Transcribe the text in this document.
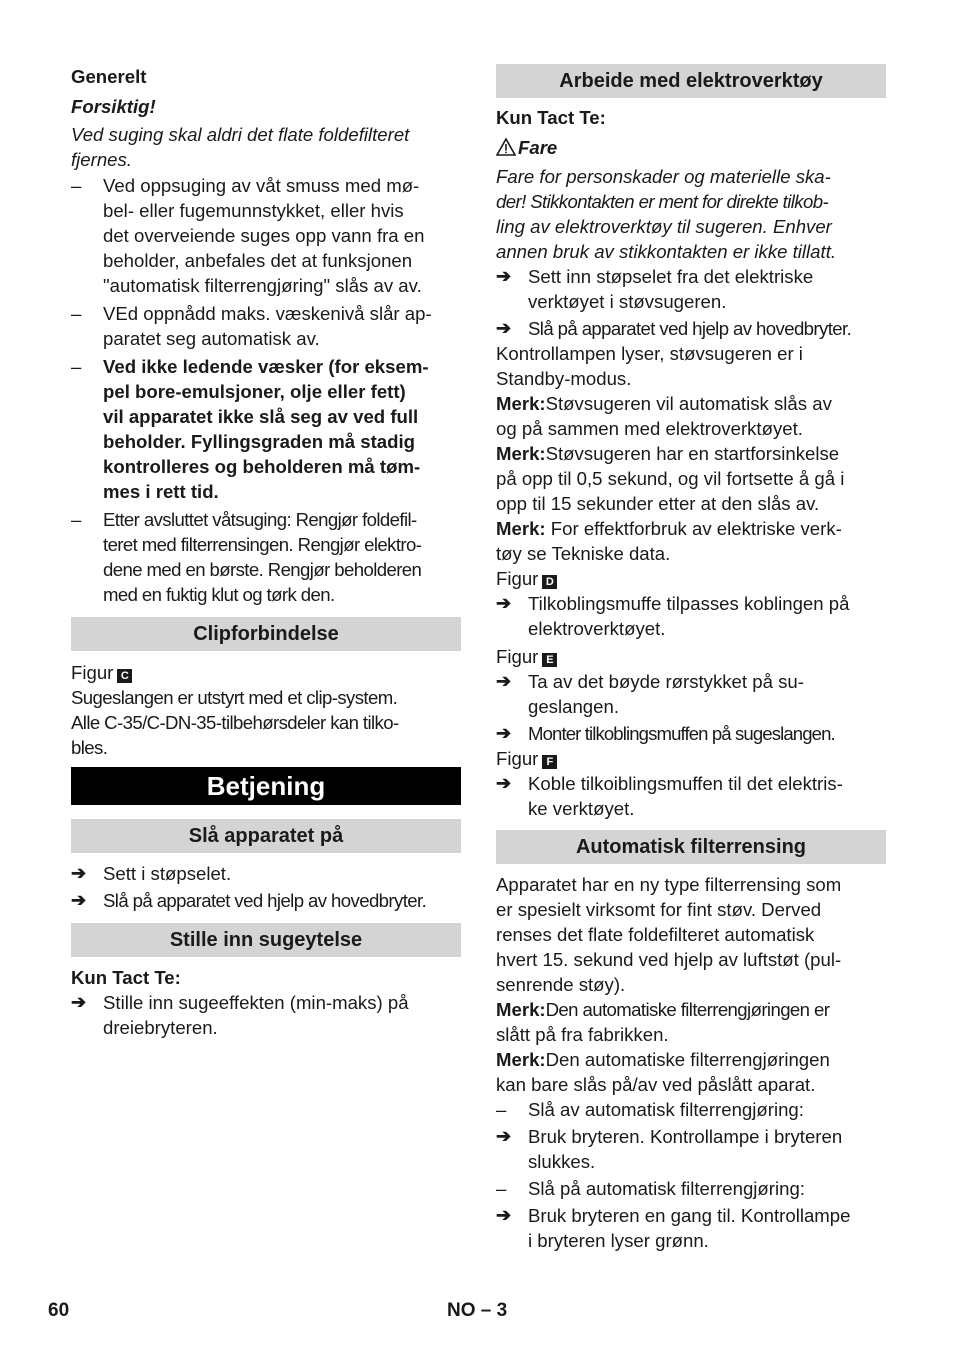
Generelt

Forsiktig!

Ved suging skal aldri det flate foldefilteret
fjernes.

–	Ved oppsuging av våt smuss med mø-
bel- eller fugemunnstykket, eller hvis
det overveiende suges opp vann fra en
beholder, anbefales det at funksjonen
"automatisk filterrengjøring" slås av av.
–	VEd oppnådd maks. væskenivå slår ap-
paratet seg automatisk av.
–	Ved ikke ledende væsker (for eksem-
pel bore-emulsjoner, olje eller fett)
vil apparatet ikke slå seg av ved full
beholder. Fyllingsgraden må stadig
kontrolleres og beholderen må tøm-
mes i rett tid.
–	Etter avsluttet våtsuging: Rengjør foldefil-
teret med filterrensingen. Rengjør elektro-
dene med en børste. Rengjør beholderen
med en fuktig klut og tørk den.
Clipforbindelse

Figur C

Sugeslangen er utstyrt med et clip-system.
Alle C-35/C-DN-35-tilbehørsdeler kan tilko-
bles.

Betjening
Slå apparatet på
➔ Sett i støpselet.
➔ Slå på apparatet ved hjelp av hovedbryter.
Stille inn sugeytelse

Kun Tact Te:

➔ Stille inn sugeeffekten (min-maks) på
dreiebryteren.
Arbeide med elektroverktøy

Kun Tact Te:

Fare

Fare for personskader og materielle ska-
der! Stikkontakten er ment for direkte tilkob-
ling av elektroverktøy til sugeren. Enhver
annen bruk av stikkontakten er ikke tillatt.

➔ Sett inn støpselet fra det elektriske
verktøyet i støvsugeren.
➔ Slå på apparatet ved hjelp av hovedbryter.

Kontrollampen lyser, støvsugeren er i
Standby-modus.

Merk:Støvsugeren vil automatisk slås av
og på sammen med elektroverktøyet.

Merk:Støvsugeren har en startforsinkelse
på opp til 0,5 sekund, og vil fortsette å gå i
opp til 15 sekunder etter at den slås av.

Merk: For effektforbruk av elektriske verk-
tøy se Tekniske data.

Figur D

➔ Tilkoblingsmuffe tilpasses koblingen på
elektroverktøyet.

Figur E

➔ Ta av det bøyde rørstykket på su-
geslangen.
➔ Monter tilkoblingsmuffen på sugeslangen.

Figur F

➔ Koble tilkoiblingsmuffen til det elektris-
ke verktøyet.
Automatisk filterrensing

Apparatet har en ny type filterrensing som
er spesielt virksomt for fint støv. Derved
renses det flate foldefilteret automatisk
hvert 15. sekund ved hjelp av luftstøt (pul-
senrende støy).

Merk:Den automatiske filterrengjøringen er
slått på fra fabrikken.

Merk:Den automatiske filterrengjøringen
kan bare slås på/av ved påslått aparat.

–	Slå av automatisk filterrengjøring:
➔ Bruk bryteren. Kontrollampe i bryteren
slukkes.
–	Slå på automatisk filterrengjøring:
➔ Bruk bryteren en gang til. Kontrollampe
i bryteren lyser grønn.
60	NO – 3
